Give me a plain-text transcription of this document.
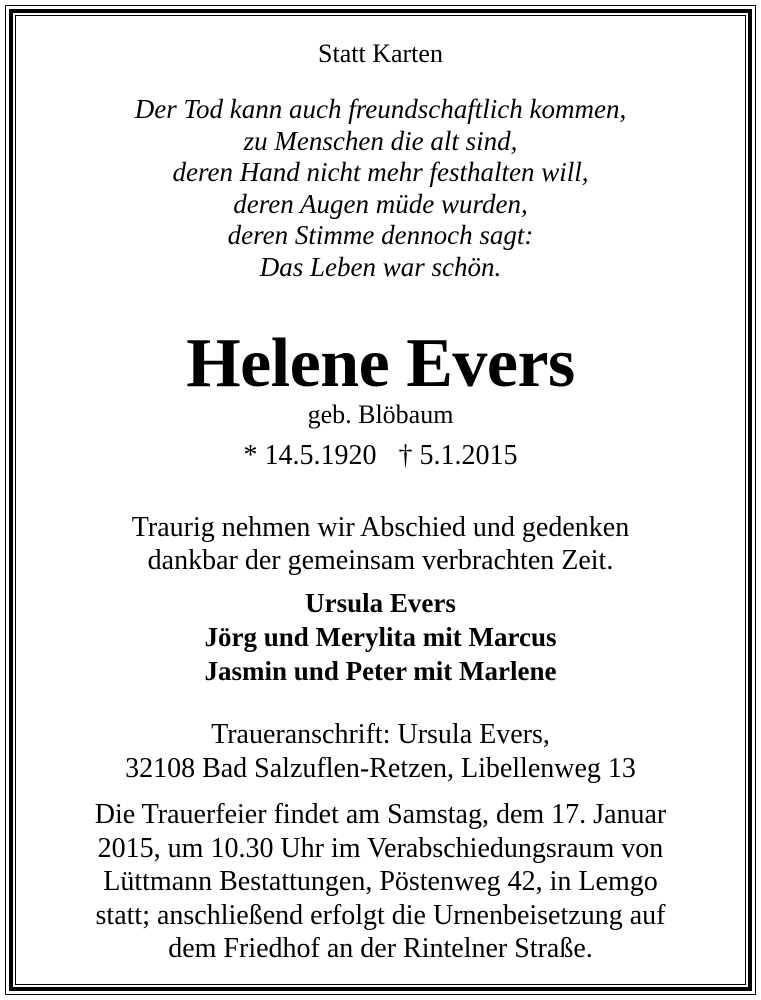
Statt Karten
Der Tod kann auch freundschaftlich kommen,
zu Menschen die alt sind,
deren Hand nicht mehr festhalten will,
deren Augen müde wurden,
deren Stimme dennoch sagt:
Das Leben war schön.
Helene Evers
geb. Blöbaum
* 14.5.1920 † 5.1.2015
Traurig nehmen wir Abschied und gedenken
dankbar der gemeinsam verbrachten Zeit.
Ursula Evers
Jörg und Merylita mit Marcus
Jasmin und Peter mit Marlene
Traueranschrift: Ursula Evers,
32108 Bad Salzuflen-Retzen, Libellenweg 13
Die Trauerfeier findet am Samstag, dem 17. Januar
2015, um 10.30 Uhr im Verabschiedungsraum von
Lüttmann Bestattungen, Pöstenweg 42, in Lemgo
statt; anschließend erfolgt die Urnenbeisetzung auf
dem Friedhof an der Rintelner Straße.
